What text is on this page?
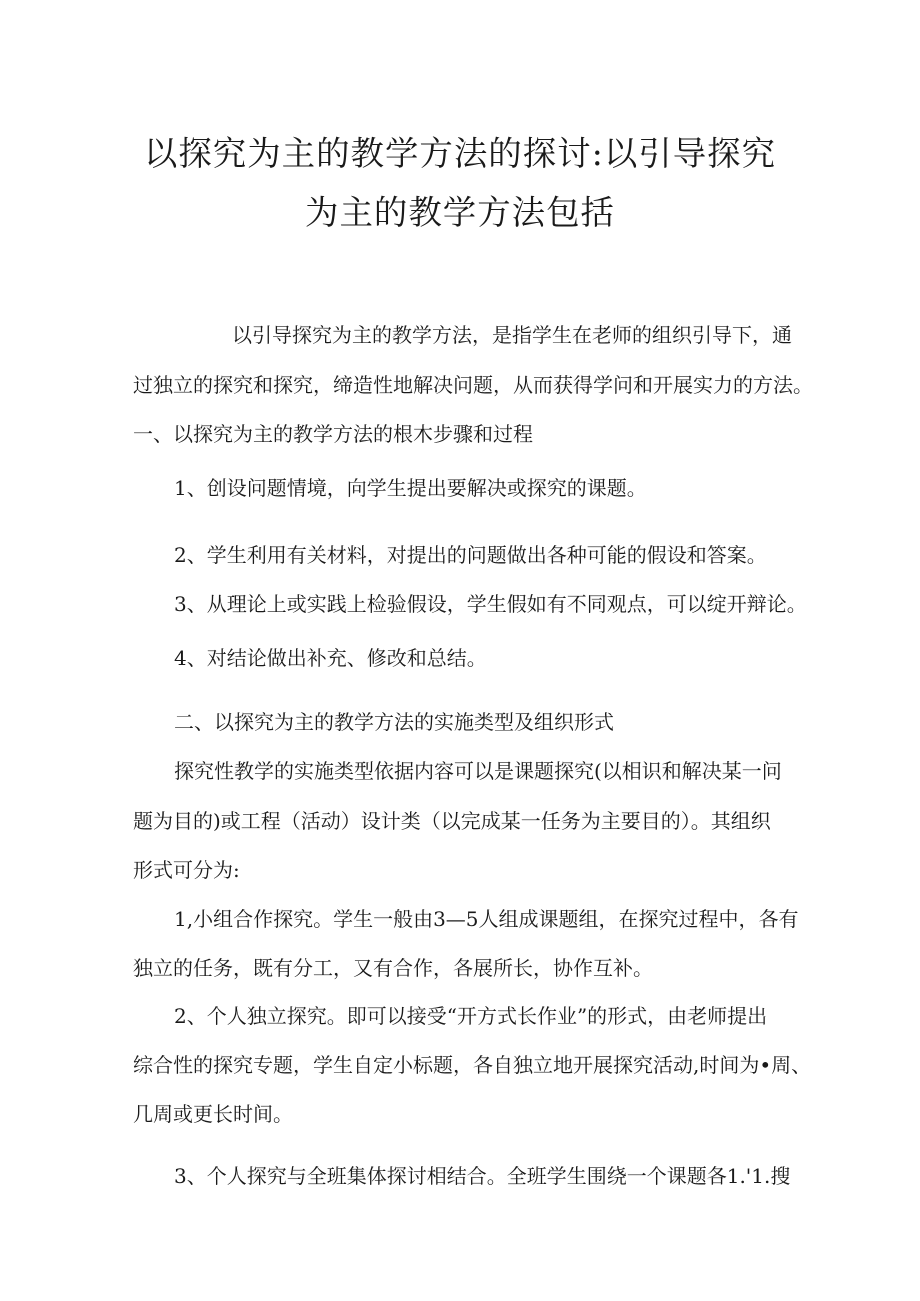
以探究为主的教学方法的探讨:以引导探究
为主的教学方法包括

以引导探究为主的教学方法，是指学生在老师的组织引导下，通

过独立的探究和探究，缔造性地解决问题，从而获得学问和开展实力的方法。

一、以探究为主的教学方法的根木步骤和过程

1、创设问题情境，向学生提出要解决或探究的课题。

2、学生利用有关材料，对提出的问题做出各种可能的假设和答案。

3、从理论上或实践上检验假设，学生假如有不同观点，可以绽开辩论。

4、对结论做出补充、修改和总结。

二、以探究为主的教学方法的实施类型及组织形式

探究性教学的实施类型依据内容可以是课题探究(以相识和解决某一问

题为目的)或工程（活动）设计类（以完成某一任务为主要目的）。其组织

形式可分为:

1,小组合作探究。学生一般由3—5人组成课题组，在探究过程中，各有

独立的任务，既有分工，又有合作，各展所长，协作互补。

2、个人独立探究。即可以接受“开方式长作业”的形式，由老师提出

综合性的探究专题，学生自定小标题，各自独立地开展探究活动,时间为•周、

几周或更长时间。

3、个人探究与全班集体探讨相结合。全班学生围绕一个课题各1.'1.搜
